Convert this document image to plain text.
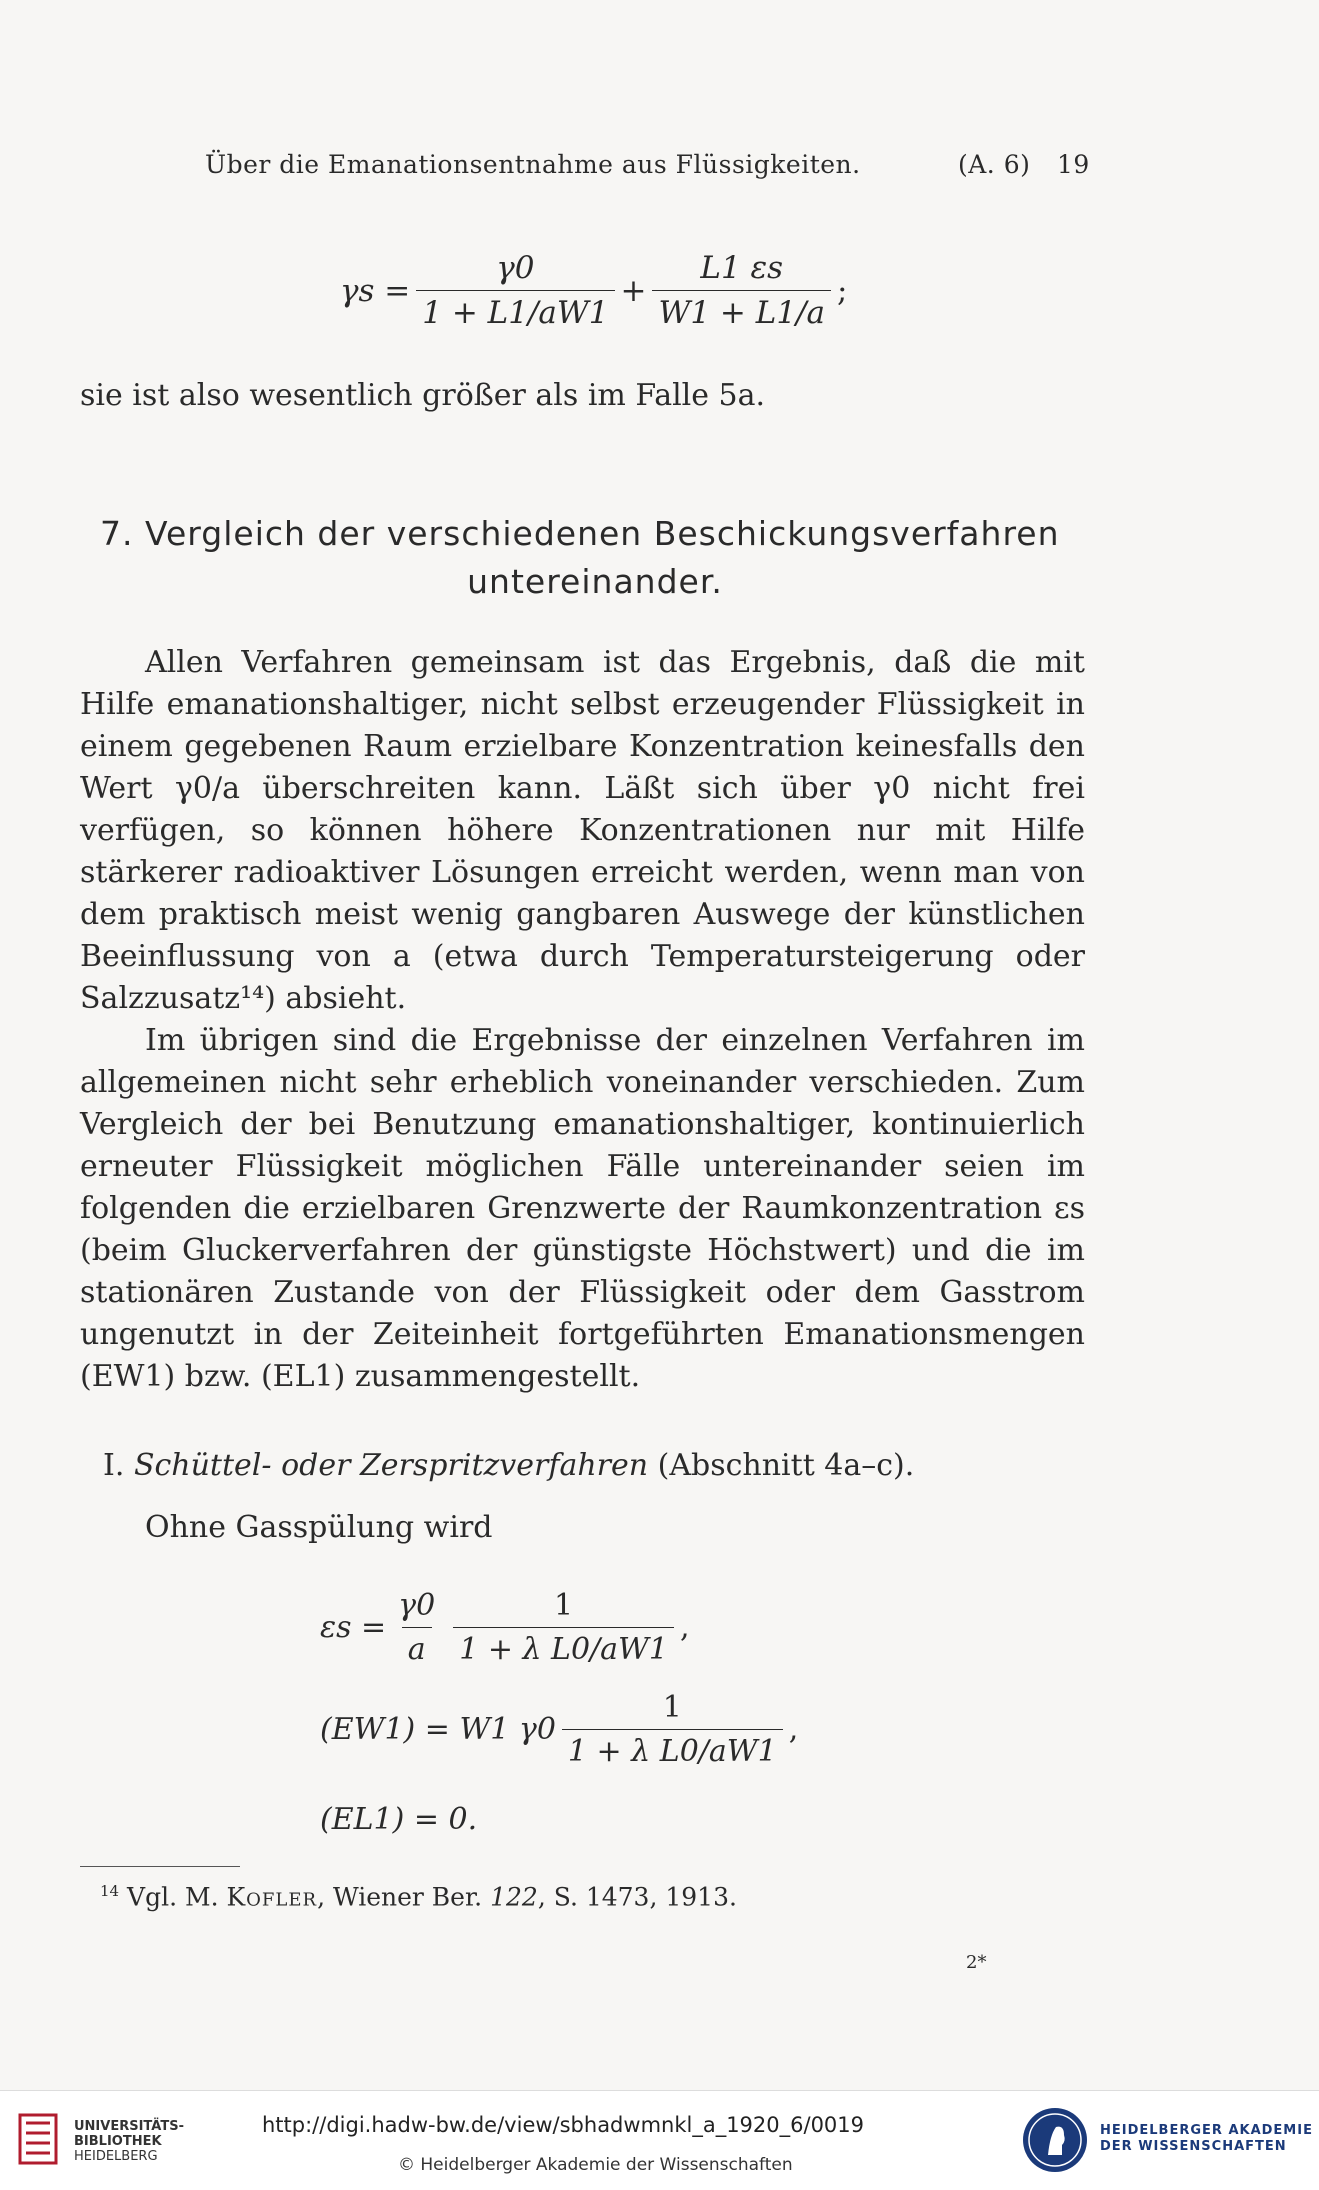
Über die Emanationsentnahme aus Flüssigkeiten.	(A. 6) 19
$\gamma s = \frac{\gamma 0}{1 + L1/aW1} + \frac{L1 \varepsilon s}{W1 + L1/a}$ ;
sie ist also wesentlich größer als im Falle 5a.
7. Vergleich der verschiedenen Beschickungsverfahren
untereinander.

Allen Verfahren gemeinsam ist das Ergebnis, daß die mit Hilfe emanationshaltiger, nicht selbst erzeugender Flüssigkeit in einem gegebenen Raum erzielbare Konzentration keinesfalls den Wert γ0/a überschreiten kann. Läßt sich über γ0 nicht frei verfügen, so können höhere Konzentrationen nur mit Hilfe stärkerer radioaktiver Lösungen erreicht werden, wenn man von dem praktisch meist wenig gangbaren Auswege der künstlichen Beeinflussung von a (etwa durch Temperatursteigerung oder Salzzusatz¹⁴) absieht.

Im übrigen sind die Ergebnisse der einzelnen Verfahren im allgemeinen nicht sehr erheblich voneinander verschieden. Zum Vergleich der bei Benutzung emanationshaltiger, kontinuierlich erneuter Flüssigkeit möglichen Fälle untereinander seien im folgenden die erzielbaren Grenzwerte der Raumkonzentration εs (beim Gluckerverfahren der günstigste Höchstwert) und die im stationären Zustande von der Flüssigkeit oder dem Gasstrom ungenutzt in der Zeiteinheit fortgeführten Emanationsmengen (EW1) bzw. (EL1) zusammengestellt.

I. Schüttel- oder Zerspritzverfahren (Abschnitt 4a–c).
Ohne Gasspülung wird
$\varepsilon s = \frac{\gamma 0}{a} \frac{1}{\text{1 + λ L0/aW1}}$ ,
(EW1) = W1 $\gamma 0 \frac{1}{\text{1 + λ L0/aW1}}$ ,
(EL1) = 0.
$^{14}$ Vgl. M. Kofler, Wiener Ber. 122, S. 1473, 1913.
2*
UNIVERSITÄTS-
BIBLIOTHEK
HEIDELBERG
http://digi.hadw-bw.de/view/sbhadwmnkl_a_1920_6/0019
© Heidelberger Akademie der Wissenschaften
HEIDELBERGER AKADEMIE
DER WISSENSCHAFTEN
